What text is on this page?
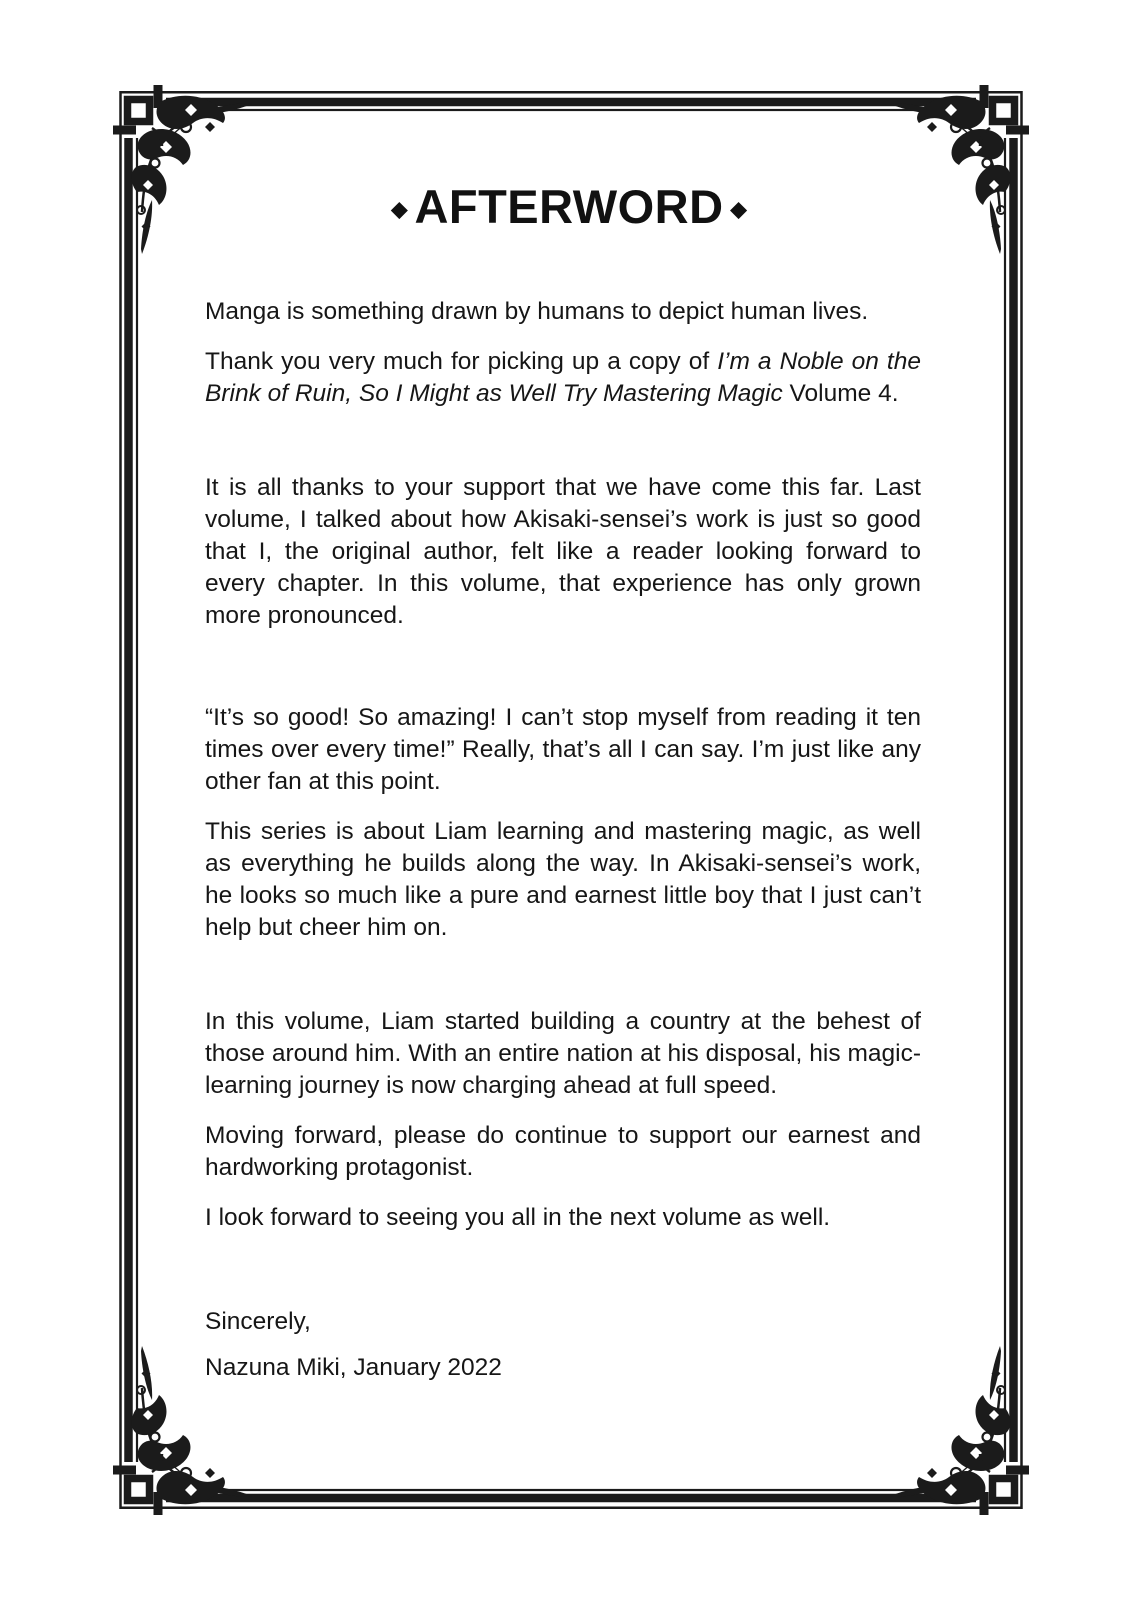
◆ AFTERWORD ◆

Manga is something drawn by humans to depict human lives.

Thank you very much for picking up a copy of I’m a Noble on the Brink of Ruin, So I Might as Well Try Mastering Magic Volume 4.

It is all thanks to your support that we have come this far. Last volume, I talked about how Akisaki-sensei’s work is just so good that I, the original author, felt like a reader looking forward to every chapter. In this volume, that experience has only grown more pronounced.

“It’s so good! So amazing! I can’t stop myself from reading it ten times over every time!” Really, that’s all I can say. I’m just like any other fan at this point.

This series is about Liam learning and mastering magic, as well as everything he builds along the way. In Akisaki-sensei’s work, he looks so much like a pure and earnest little boy that I just can’t help but cheer him on.

In this volume, Liam started building a country at the behest of those around him. With an entire nation at his disposal, his magic-learning journey is now charging ahead at full speed.

Moving forward, please do continue to support our earnest and hardworking protagonist.

I look forward to seeing you all in the next volume as well.

Sincerely,

Nazuna Miki, January 2022
